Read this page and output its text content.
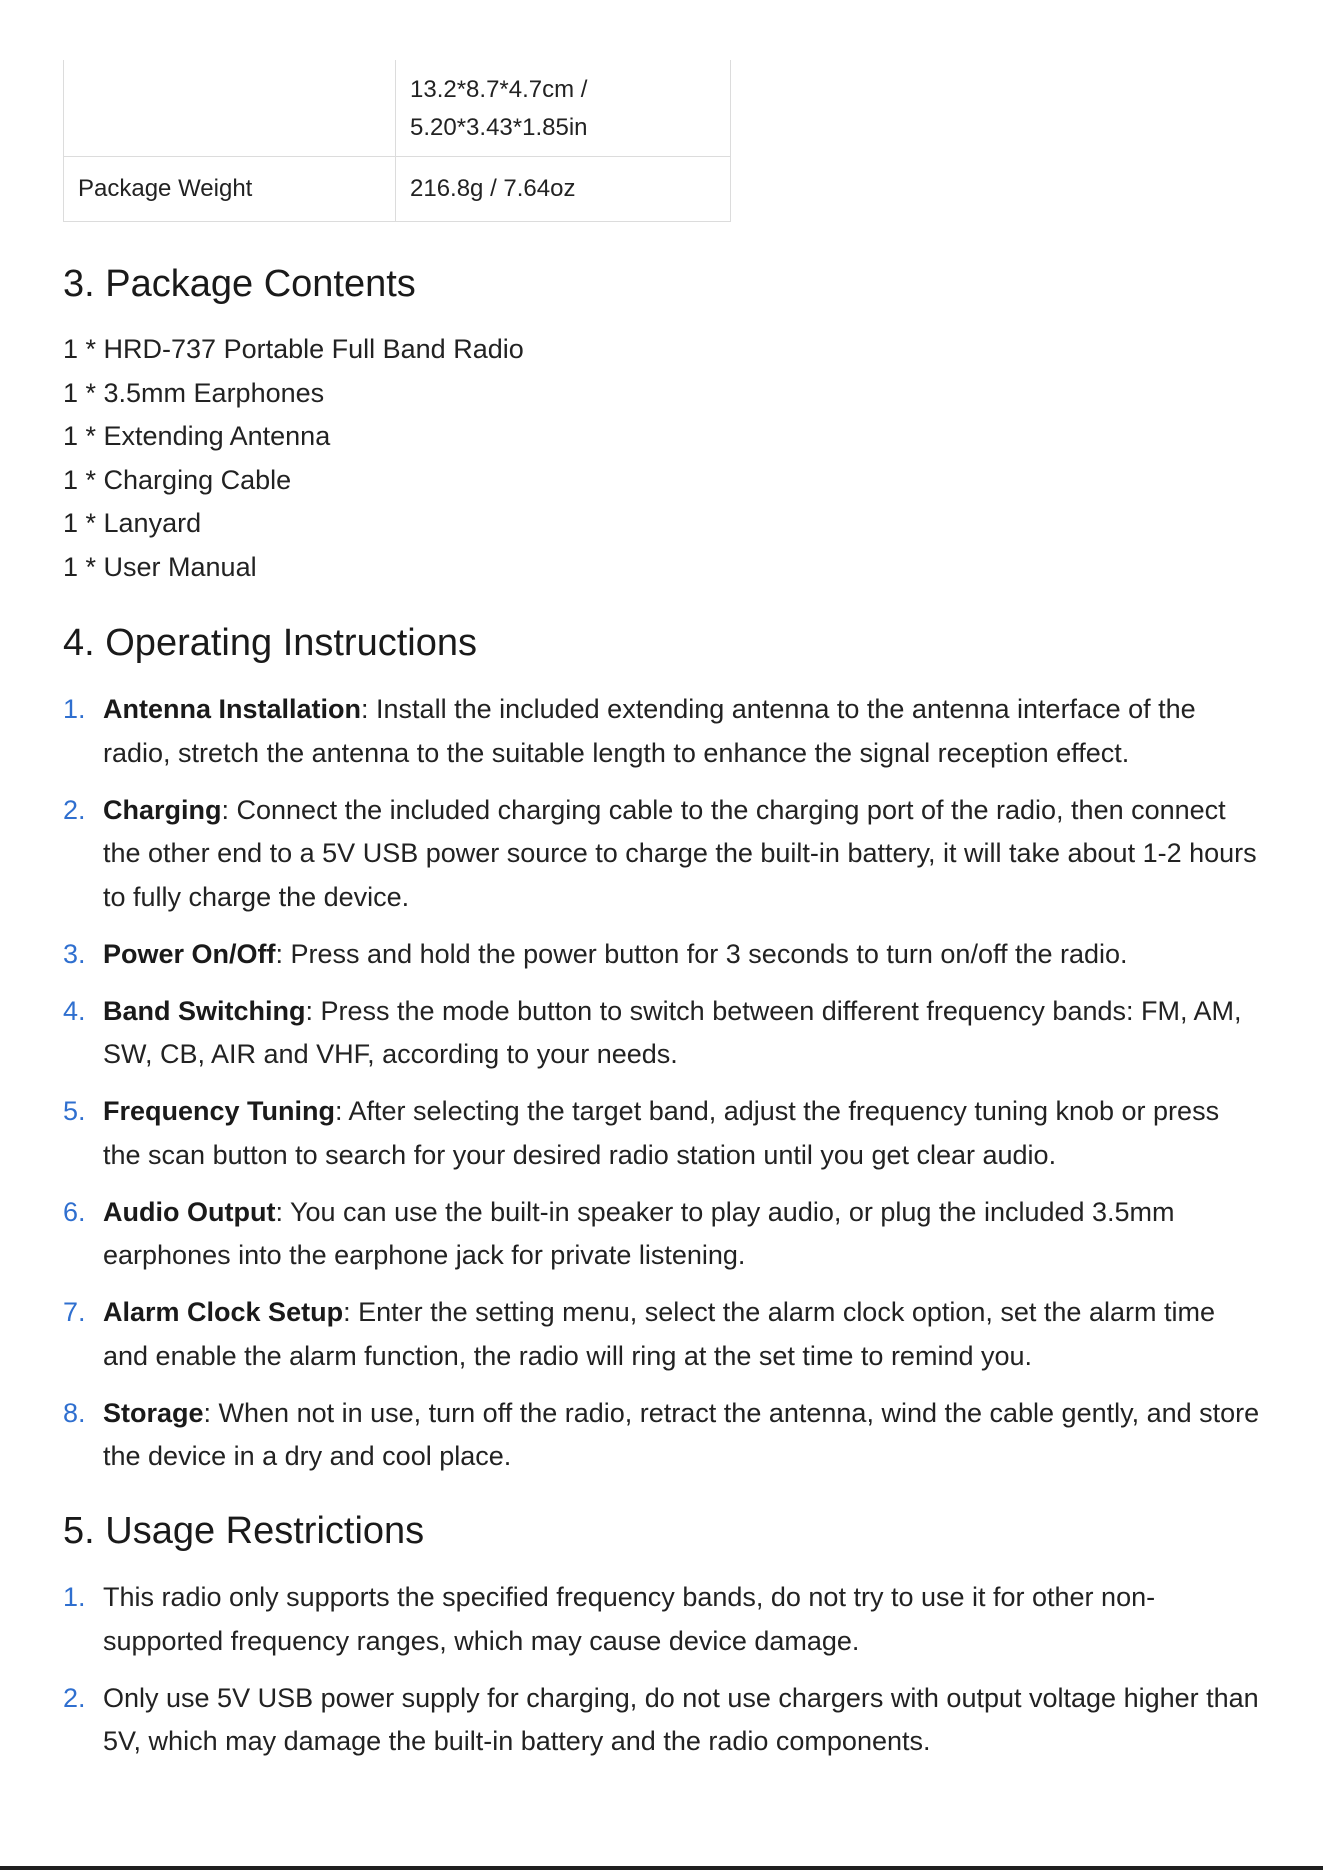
	13.2*8.7*4.7cm /
5.20*3.43*1.85in

Package Weight	216.8g / 7.64oz
3. Package Contents
1 * HRD-737 Portable Full Band Radio
1 * 3.5mm Earphones
1 * Extending Antenna
1 * Charging Cable
1 * Lanyard
1 * User Manual
4. Operating Instructions
1. Antenna Installation: Install the included extending antenna to the antenna interface of the radio, stretch the antenna to the suitable length to enhance the signal reception effect.
2. Charging: Connect the included charging cable to the charging port of the radio, then connect the other end to a 5V USB power source to charge the built-in battery, it will take about 1-2 hours to fully charge the device.
3. Power On/Off: Press and hold the power button for 3 seconds to turn on/off the radio.
4. Band Switching: Press the mode button to switch between different frequency bands: FM, AM, SW, CB, AIR and VHF, according to your needs.
5. Frequency Tuning: After selecting the target band, adjust the frequency tuning knob or press the scan button to search for your desired radio station until you get clear audio.
6. Audio Output: You can use the built-in speaker to play audio, or plug the included 3.5mm earphones into the earphone jack for private listening.
7. Alarm Clock Setup: Enter the setting menu, select the alarm clock option, set the alarm time and enable the alarm function, the radio will ring at the set time to remind you.
8. Storage: When not in use, turn off the radio, retract the antenna, wind the cable gently, and store the device in a dry and cool place.
5. Usage Restrictions
1. This radio only supports the specified frequency bands, do not try to use it for other non-supported frequency ranges, which may cause device damage.
2. Only use 5V USB power supply for charging, do not use chargers with output voltage higher than 5V, which may damage the built-in battery and the radio components.
